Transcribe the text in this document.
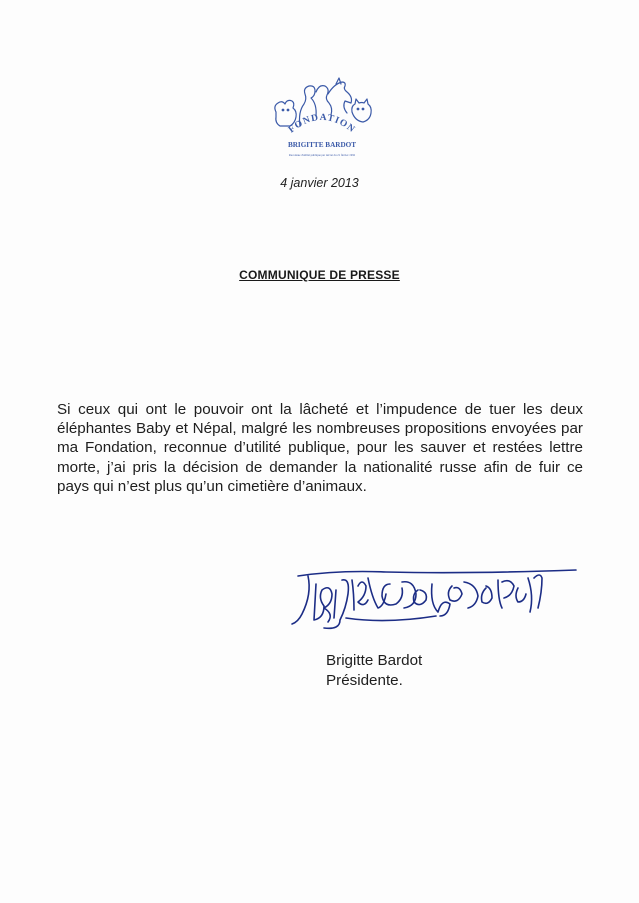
FONDATION
BRIGITTE BARDOT
Reconnue d'utilité publique par décret du 21 février 1992
4 janvier 2013
COMMUNIQUE DE PRESSE
Si ceux qui ont le pouvoir ont la lâcheté et l’impudence de tuer les deux éléphantes Baby et Népal, malgré les nombreuses propositions envoyées par ma Fondation, reconnue d’utilité publique, pour les sauver et restées lettre morte, j’ai pris la décision de demander la nationalité russe afin de fuir ce pays qui n’est plus qu’un cimetière d’animaux.
Brigitte Bardot
Présidente.
